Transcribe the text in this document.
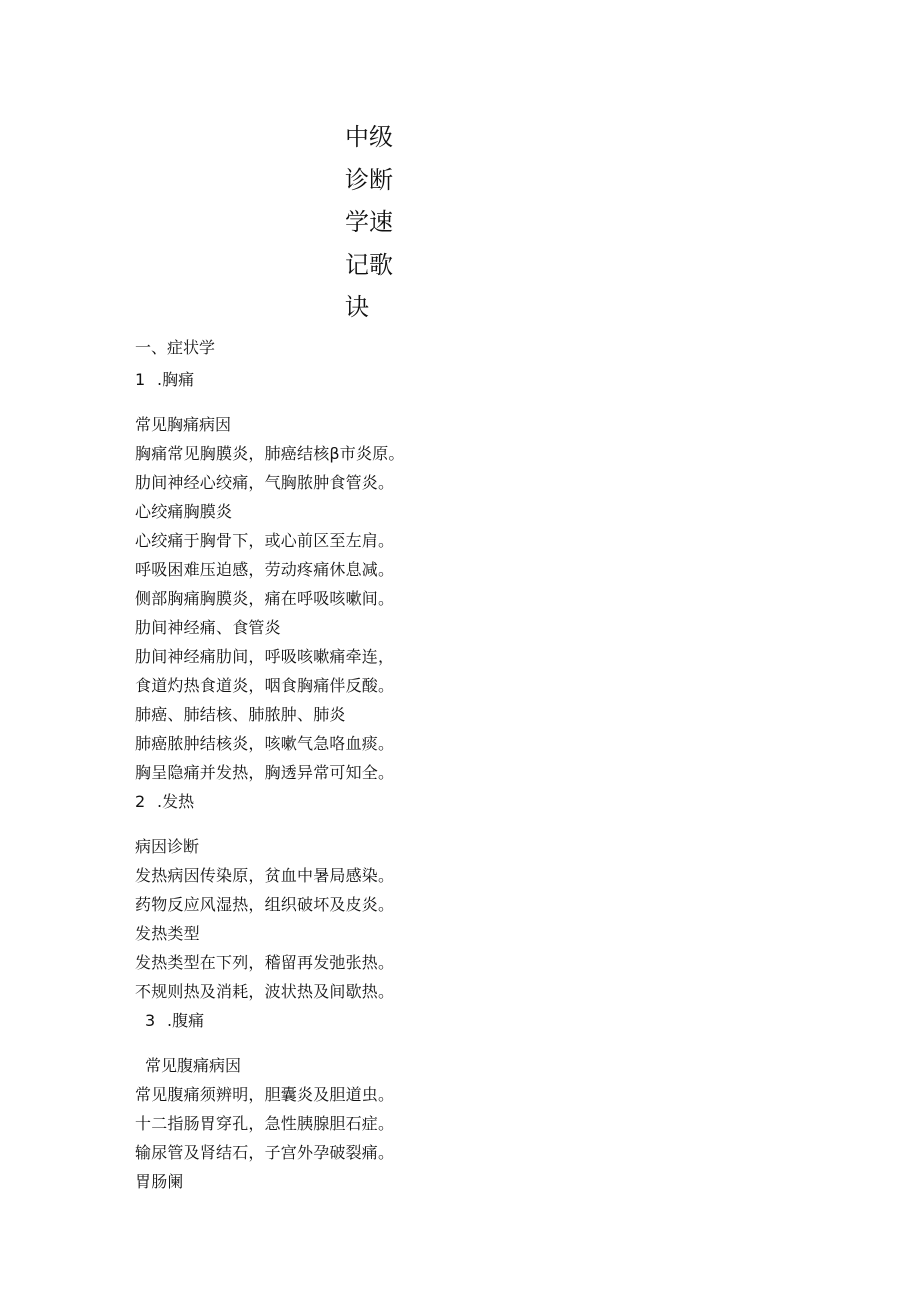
中级诊断学速记歌诀

一、症状学

1 .胸痛

常见胸痛病因

胸痛常见胸膜炎，肺癌结核β市炎原。肋间神经心绞痛，气胸脓肿食管炎。心绞痛胸膜炎

心绞痛于胸骨下，或心前区至左肩。呼吸困难压迫感，劳动疼痛休息减。侧部胸痛胸膜炎，痛在呼吸咳嗽间。肋间神经痛、食管炎

肋间神经痛肋间，呼吸咳嗽痛牵连，食道灼热食道炎，咽食胸痛伴反酸。肺癌、肺结核、肺脓肿、肺炎

肺癌脓肿结核炎，咳嗽气急咯血痰。胸呈隐痛并发热，胸透异常可知全。

2 .发热

病因诊断

发热病因传染原，贫血中暑局感染。药物反应风湿热，组织破坏及皮炎。发热类型

发热类型在下列，稽留再发弛张热。不规则热及消耗，波状热及间歇热。

3 .腹痛

常见腹痛病因

常见腹痛须辨明，胆囊炎及胆道虫。十二指肠胃穿孔，急性胰腺胆石症。输尿管及肾结石，子宫外孕破裂痛。胃肠阑
